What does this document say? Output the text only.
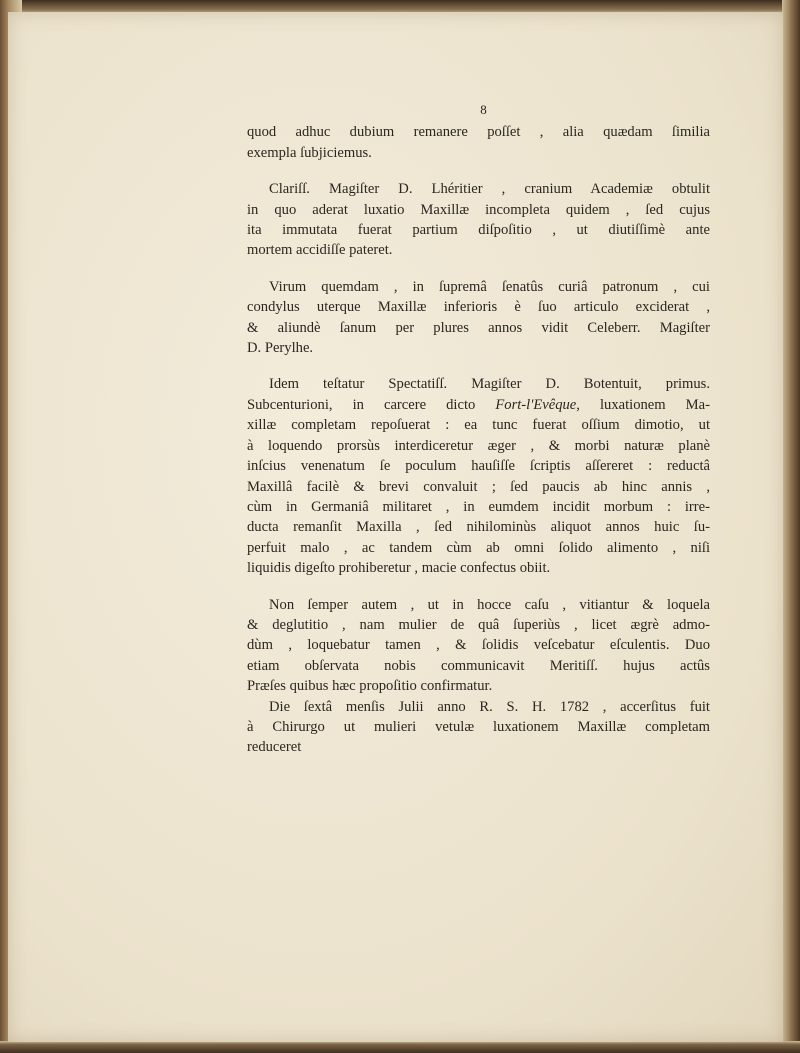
8

quod adhuc dubium remanere poſſet , alia quædam ſimilia
exempla ſubjiciemus.

Clariſſ. Magiſter D. Lhéritier , cranium Academiæ obtulit
in quo aderat luxatio Maxillæ incompleta quidem , ſed cujus
ita immutata fuerat partium diſpoſitio , ut diutiſſimè ante
mortem accidiſſe pateret.

Virum quemdam , in ſupremâ ſenatûs curiâ patronum , cui
condylus uterque Maxillæ inferioris è ſuo articulo exciderat ,
& aliundè ſanum per plures annos vidit Celeberr. Magiſter
D. Perylhe.

Idem teſtatur Spectatiſſ. Magiſter D. Botentuit, primus.
Subcenturioni, in carcere dicto Fort-l'Evêque, luxationem Ma-
xillæ completam repoſuerat : ea tunc fuerat oſſium dimotio, ut
à loquendo prorsùs interdiceretur æger , & morbi naturæ planè
inſcius venenatum ſe poculum hauſiſſe ſcriptis aſſereret : reductâ
Maxillâ facilè & brevi convaluit ; ſed paucis ab hinc annis ,
cùm in Germaniâ militaret , in eumdem incidit morbum : irre-
ducta remanſit Maxilla , ſed nihilominùs aliquot annos huic ſu-
perfuit malo , ac tandem cùm ab omni ſolido alimento , niſi
liquidis digeſto prohiberetur , macie confectus obiit.

Non ſemper autem , ut in hocce caſu , vitiantur & loquela
& deglutitio , nam mulier de quâ ſuperiùs , licet ægrè admo-
dùm , loquebatur tamen , & ſolidis veſcebatur eſculentis. Duo
etiam obſervata nobis communicavit Meritiſſ. hujus actûs
Præſes quibus hæc propoſitio confirmatur.

Die ſextâ menſis Julii anno R. S. H. 1782 , accerſitus fuit
à Chirurgo ut mulieri vetulæ luxationem Maxillæ completam
reduceret
